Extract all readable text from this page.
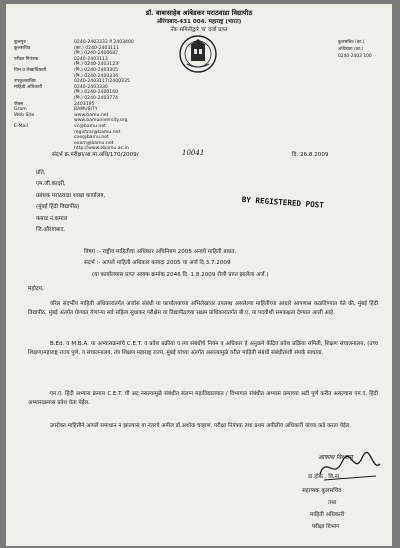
डॉ. बाबासाहेब आंबेडकर मराठवाडा विद्यापीठ
औरंगाबाद-431 004. महाराष्ट्र (भारत)
नॅक समितीद्वारे 'ब' दर्जा प्राप्त
कुलगुरु	0240-2403333 ते 2403400
कुलसचिव	(का.) 0240-2403111
(नि.) 0240-2400687
परीक्षा नियंत्रक	0240-2403113
(नि.) 0240-2403123
वित्त व लेखाधिकारी	(नि.) 0240-2403305
(नि.) 0240-2400334
उपकुलसचिव	0240-2403117/2400335
माहिती अधिकारी	0240-2403330
(नि.) 0240-2400160
(नि.) 0240-2403774
फॅक्स	2403195
Gram	BAMUSITY
Web Site	www.bamu.net
www.bamuniversity.org
E-Mail	vc@bamu.net
registrar@bamu.net
coe@bamu.net
exam@bamu.net
http://www.ebamu.ac.in
कुलसचिव (का.)
अधिष्ठाता (का.)
0240-2403 100
संदर्भ क्र.परीक्षा/आ.मा.अधि/170/2009/	10041	दि. 26.8.2009
प्रति,
एम.जी.कादरी,
प्रबंधक मराठवाडा शाखा कार्यालय,
(मुंबई हिंदी विद्यापीठ)
कबाड नं.कमाल
जि.औरंगाबाद.
BY REGISTERED POST
विषय :- राष्ट्रीय माहितीचा अधिकार अधिनियम 2005 अन्वये माहिती बाबत.
संदर्भ :- आपले माहिती अधिकार कायदा 2005 चा अर्ज दि.3.7.2009
(या कार्यालयास प्राप्त आवक क्रमांक 2046 दि. 1.8.2009 रोजी प्राप्त झालेला अर्ज.)
महोदय,
वरिल संदर्भीय माहिती अधिकारांतर्गत अर्जास संबंधी या कार्यालयाच्या अभिलेखावर उपलब्ध असलेल्या माहितीच्या आधारे आपणास कळविण्यात येते की, मुंबई हिंदी विद्यापीठ, मुंबई अंतर्गत घेण्यात येणाऱ्या सर्व सहित्य सुधाकर परीक्षेस या विद्यापीठाच्या सक्षम प्राधिकारांतर्गत बी.ए. या पदवीशी समकक्षता देण्यात आली आहे.
B.Ed. व M.B.A. या अभ्यासक्रमांचे C.E.T. व प्रवेश प्रक्रीया व त्या संबंधीचे नियम व अधिकार हे अनुक्रमे केंद्रिय प्रवेश प्रक्रिया समिती, शिक्षण संचालनालय, (उच्च शिक्षण)महाराष्ट्र राज्य पुणे, व संचालनालय, तंत्र शिक्षण महाराष्ट्र राज्य, मुंबई यांच्या अंतर्गत असल्यामुळे वरील माहिती संबंधी संबंधीतांशी संपर्क साधावा.
एम.ए. हिंदी अभ्यास क्रमास C.E.T. ची अट नसल्यामुळे संबंधीत संलग्न महाविद्यालयात / विभागात संबंधीत अभ्यास क्रमाच्या अटी पूर्ण करीत असल्यास एम.ए. हिंदी अभ्यासक्रमास प्रवेश घेता येईल.
उपरोक्त माहितीने आपले समाधान न झाल्यास या नंतरचे अपील डॉ.अशोक चव्हाण, परीक्षा नियंत्रक तथा प्रथम अपीलीय अधिकारी यांच्या कडे करता येईल.
आकाश विश्वासू
डा.होके . वि.ना.
सहाय्यक कुलसचिव
तथा
माहिती अधिकारी
परीक्षा विभाग
